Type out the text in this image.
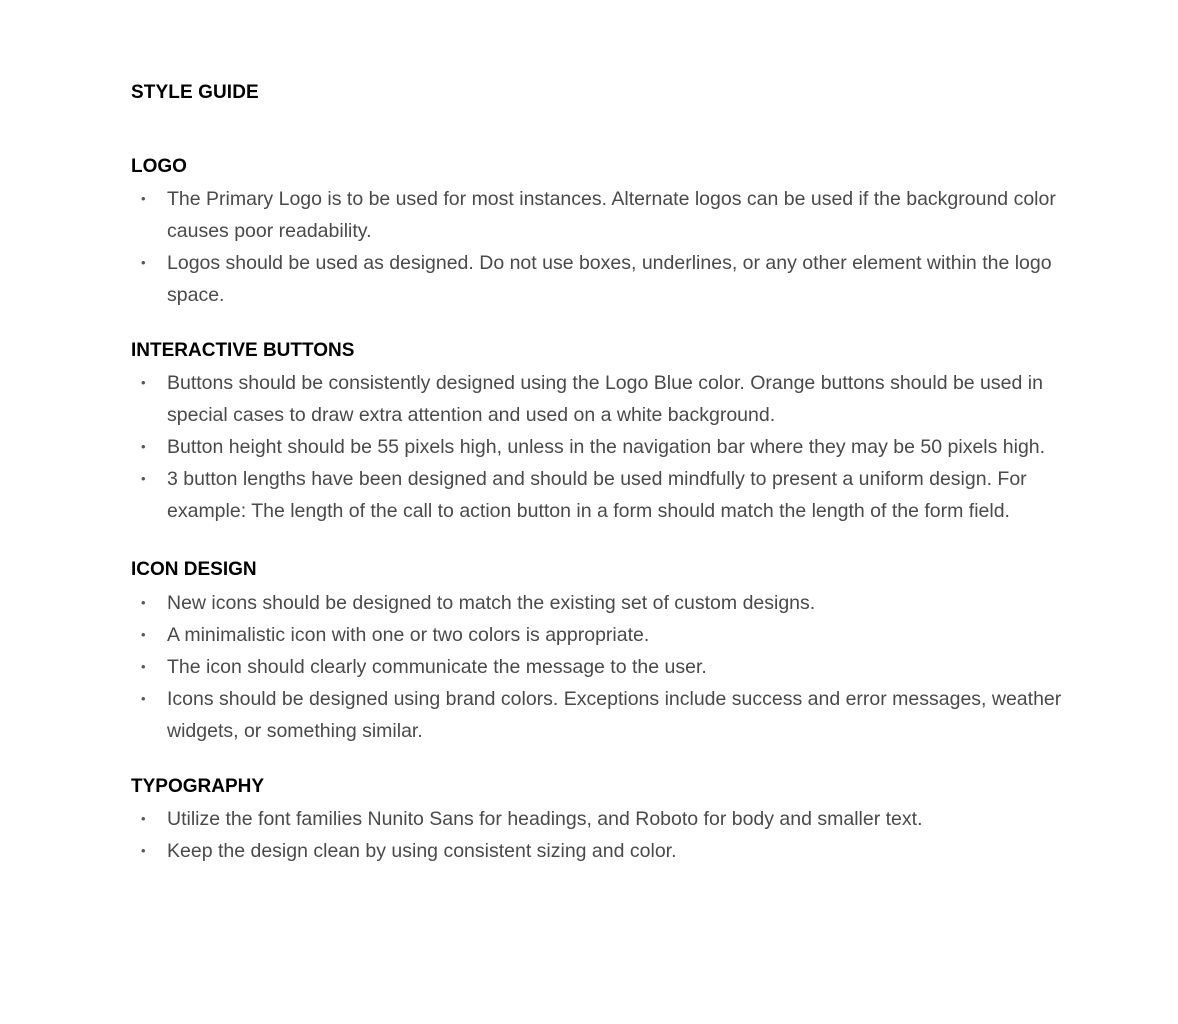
STYLE GUIDE
LOGO
• The Primary Logo is to be used for most instances. Alternate logos can be used if the background color causes poor readability.
• Logos should be used as designed. Do not use boxes, underlines, or any other element within the logo space.
INTERACTIVE BUTTONS
• Buttons should be consistently designed using the Logo Blue color. Orange buttons should be used in special cases to draw extra attention and used on a white background.
• Button height should be 55 pixels high, unless in the navigation bar where they may be 50 pixels high.
• 3 button lengths have been designed and should be used mindfully to present a uniform design. For example: The length of the call to action button in a form should match the length of the form field.
ICON DESIGN
• New icons should be designed to match the existing set of custom designs.
• A minimalistic icon with one or two colors is appropriate.
• The icon should clearly communicate the message to the user.
• Icons should be designed using brand colors. Exceptions include success and error messages, weather widgets, or something similar.
TYPOGRAPHY
• Utilize the font families Nunito Sans for headings, and Roboto for body and smaller text.
• Keep the design clean by using consistent sizing and color.
